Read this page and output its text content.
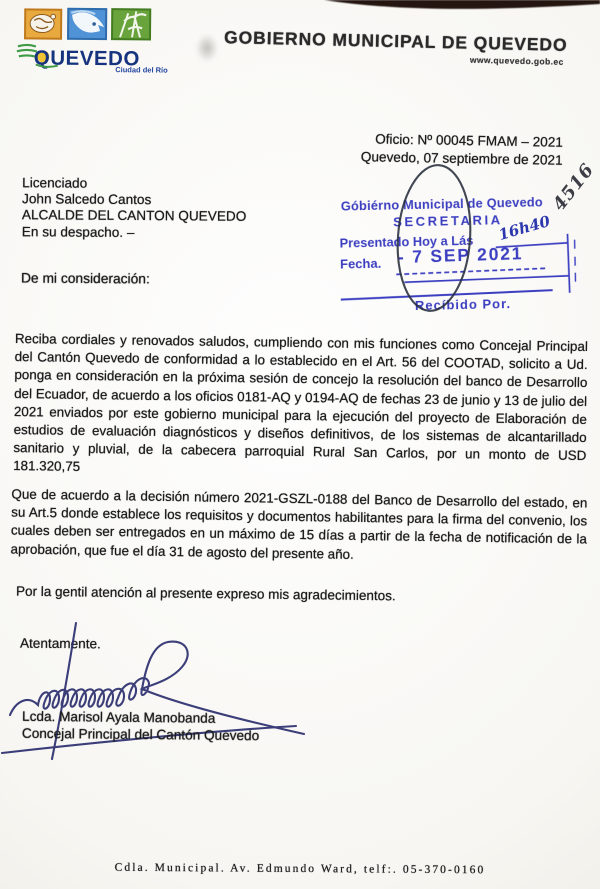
QUEVEDO
Ciudad del Río
GOBIERNO MUNICIPAL DE QUEVEDO
www.quevedo.gob.ec
Oficio: Nº 00045 FMAM – 2021
Quevedo, 07 septiembre de 2021
Licenciado
John Salcedo Cantos
ALCALDE DEL CANTON QUEVEDO
En su despacho. –
Góbiérno Municipal de Quevedo
SECRETARIA
Presentado Hoy a Lás
Fecha. - 7 SEP 2021
Recíbido Por.
16h40
4516
De mi consideración:

Reciba cordiales y renovados saludos, cumpliendo con mis funciones como Concejal Principal del Cantón Quevedo de conformidad a lo establecido en el Art. 56 del COOTAD, solicito a Ud. ponga en consideración en la próxima sesión de concejo la resolución del banco de Desarrollo del Ecuador, de acuerdo a los oficios 0181-AQ y 0194-AQ de fechas 23 de junio y 13 de julio del 2021 enviados por este gobierno municipal para la ejecución del proyecto de Elaboración de estudios de evaluación diagnósticos y diseños definitivos, de los sistemas de alcantarillado sanitario y pluvial, de la cabecera parroquial Rural San Carlos, por un monto de USD 181.320,75

Que de acuerdo a la decisión número 2021-GSZL-0188 del Banco de Desarrollo del estado, en su Art.5 donde establece los requisitos y documentos habilitantes para la firma del convenio, los cuales deben ser entregados en un máximo de 15 días a partir de la fecha de notificación de la aprobación, que fue el día 31 de agosto del presente año.

Por la gentil atención al presente expreso mis agradecimientos.
Atentamente.
Lcda. Marisol Ayala Manobanda
Concejal Principal del Cantón Quevedo
Cdla. Municipal. Av. Edmundo Ward, telf:. 05-370-0160
